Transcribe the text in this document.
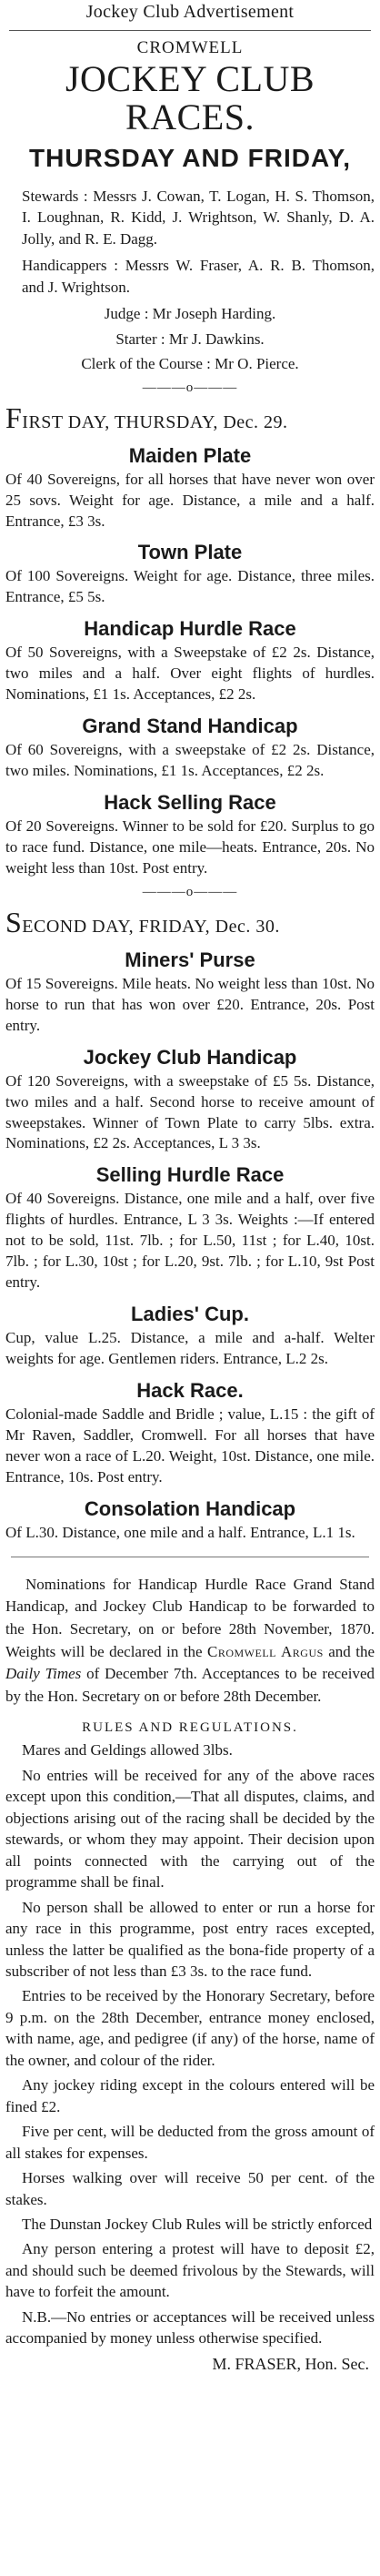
Jockey Club Advertisement
CROMWELL
JOCKEY CLUB RACES.
THURSDAY AND FRIDAY,
Stewards : Messrs J. Cowan, T. Logan, H. S. Thomson, I. Loughnan, R. Kidd, J. Wrightson, W. Shanly, D. A. Jolly, and R. E. Dagg.
Handicappers : Messrs W. Fraser, A. R. B. Thomson, and J. Wrightson.
Judge : Mr Joseph Harding.
Starter : Mr J. Dawkins.
Clerk of the Course : Mr O. Pierce.
———o———
FIRST DAY, THURSDAY, Dec. 29.
Maiden Plate
Of 40 Sovereigns, for all horses that have never won over 25 sovs. Weight for age. Distance, a mile and a half. Entrance, £3 3s.
Town Plate
Of 100 Sovereigns. Weight for age. Distance, three miles. Entrance, £5 5s.
Handicap Hurdle Race
Of 50 Sovereigns, with a Sweepstake of £2 2s. Distance, two miles and a half. Over eight flights of hurdles. Nominations, £1 1s. Acceptances, £2 2s.
Grand Stand Handicap
Of 60 Sovereigns, with a sweepstake of £2 2s. Distance, two miles. Nominations, £1 1s. Acceptances, £2 2s.
Hack Selling Race
Of 20 Sovereigns. Winner to be sold for £20. Surplus to go to race fund. Distance, one mile—heats. Entrance, 20s. No weight less than 10st. Post entry.
———o———
SECOND DAY, FRIDAY, Dec. 30.
Miners' Purse
Of 15 Sovereigns. Mile heats. No weight less than 10st. No horse to run that has won over £20. Entrance, 20s. Post entry.
Jockey Club Handicap
Of 120 Sovereigns, with a sweepstake of £5 5s. Distance, two miles and a half. Second horse to receive amount of sweepstakes. Winner of Town Plate to carry 5lbs. extra. Nominations, £2 2s. Acceptances, L 3 3s.
Selling Hurdle Race
Of 40 Sovereigns. Distance, one mile and a half, over five flights of hurdles. Entrance, L 3 3s. Weights :—If entered not to be sold, 11st. 7lb. ; for L.50, 11st ; for L.40, 10st. 7lb. ; for L.30, 10st ; for L.20, 9st. 7lb. ; for L.10, 9st Post entry.
Ladies' Cup.
Cup, value L.25. Distance, a mile and a-half. Welter weights for age. Gentlemen riders. Entrance, L.2 2s.
Hack Race.
Colonial-made Saddle and Bridle ; value, L.15 : the gift of Mr Raven, Saddler, Cromwell. For all horses that have never won a race of L.20. Weight, 10st. Distance, one mile. Entrance, 10s. Post entry.
Consolation Handicap
Of L.30. Distance, one mile and a half. Entrance, L.1 1s.
Nominations for Handicap Hurdle Race Grand Stand Handicap, and Jockey Club Handicap to be forwarded to the Hon. Secretary, on or before 28th November, 1870. Weights will be declared in the Cromwell Argus and the Daily Times of December 7th. Acceptances to be received by the Hon. Secretary on or before 28th December.
RULES AND REGULATIONS.
Mares and Geldings allowed 3lbs.
No entries will be received for any of the above races except upon this condition,—That all disputes, claims, and objections arising out of the racing shall be decided by the stewards, or whom they may appoint. Their decision upon all points connected with the carrying out of the programme shall be final.
No person shall be allowed to enter or run a horse for any race in this programme, post entry races excepted, unless the latter be qualified as the bona-fide property of a subscriber of not less than £3 3s. to the race fund.
Entries to be received by the Honorary Secretary, before 9 p.m. on the 28th December, entrance money enclosed, with name, age, and pedigree (if any) of the horse, name of the owner, and colour of the rider.
Any jockey riding except in the colours entered will be fined £2.
Five per cent, will be deducted from the gross amount of all stakes for expenses.
Horses walking over will receive 50 per cent. of the stakes.
The Dunstan Jockey Club Rules will be strictly enforced
Any person entering a protest will have to deposit £2, and should such be deemed frivolous by the Stewards, will have to forfeit the amount.
N.B.—No entries or acceptances will be received unless accompanied by money unless otherwise specified.
M. FRASER, Hon. Sec.
